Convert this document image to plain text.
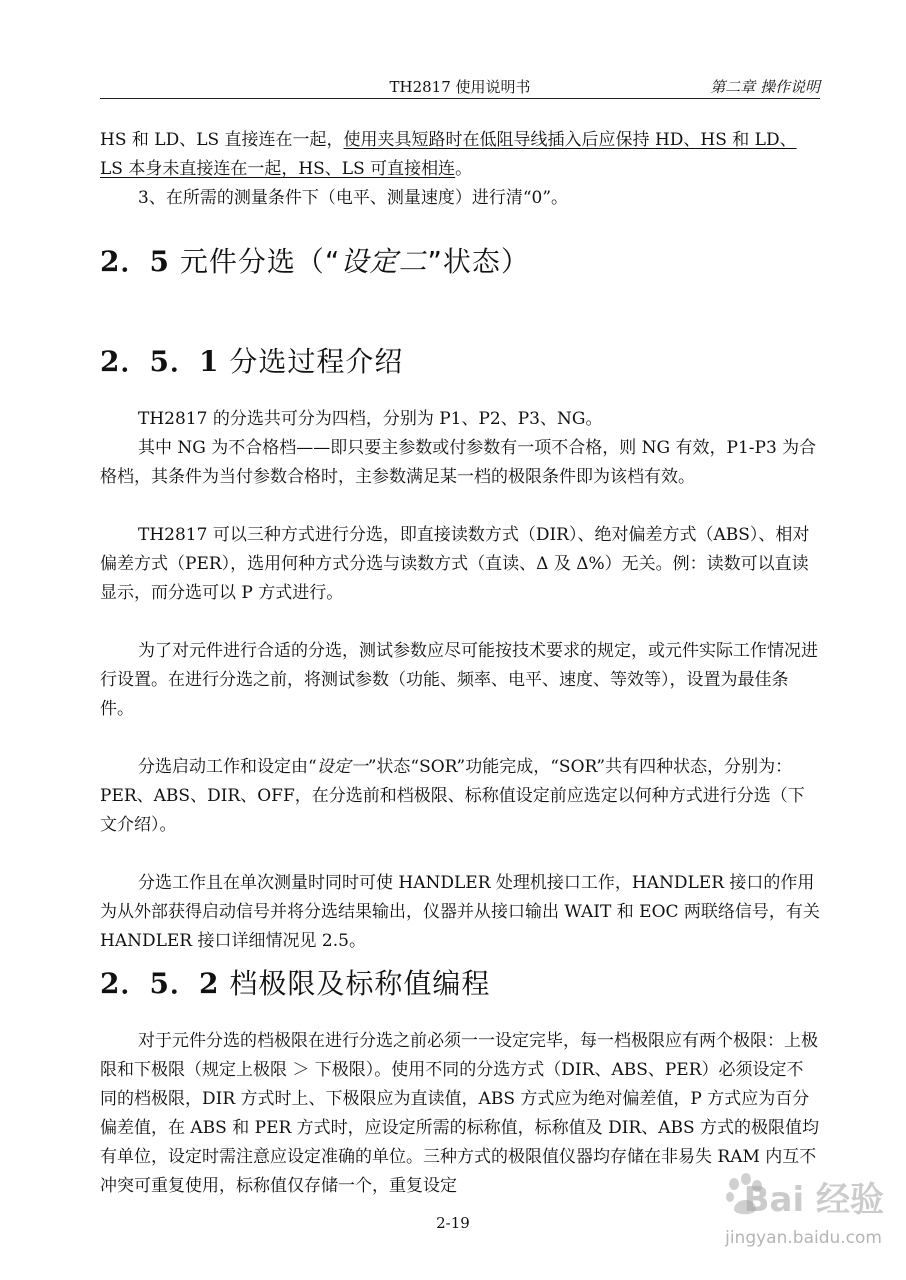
TH2817 使用说明书	第二章 操作说明

HS 和 LD、LS 直接连在一起，使用夹具短路时在低阻导线插入后应保持 HD、HS 和 LD、
LS 本身未直接连在一起，HS、LS 可直接相连。

3、在所需的测量条件下（电平、测量速度）进行清“0”。

2．5 元件分选（“设定二”状态）
2．5．1 分选过程介绍

TH2817 的分选共可分为四档，分别为 P1、P2、P3、NG。

其中 NG 为不合格档——即只要主参数或付参数有一项不合格，则 NG 有效，P1-P3 为合格档，其条件为当付参数合格时，主参数满足某一档的极限条件即为该档有效。

TH2817 可以三种方式进行分选，即直接读数方式（DIR）、绝对偏差方式（ABS）、相对偏差方式（PER），选用何种方式分选与读数方式（直读、Δ 及 Δ%）无关。例：读数可以直读显示，而分选可以 P 方式进行。

为了对元件进行合适的分选，测试参数应尽可能按技术要求的规定，或元件实际工作情况进行设置。在进行分选之前，将测试参数（功能、频率、电平、速度、等效等），设置为最佳条件。

分选启动工作和设定由“设定一”状态“SOR”功能完成，“SOR”共有四种状态，分别为： PER、ABS、DIR、OFF，在分选前和档极限、标称值设定前应选定以何种方式进行分选（下文介绍）。

分选工作且在单次测量时同时可使 HANDLER 处理机接口工作，HANDLER 接口的作用为从外部获得启动信号并将分选结果输出，仪器并从接口输出 WAIT 和 EOC 两联络信号，有关 HANDLER 接口详细情况见 2.5。

2．5．2 档极限及标称值编程

对于元件分选的档极限在进行分选之前必须一一设定完毕，每一档极限应有两个极限：上极限和下极限（规定上极限 ＞ 下极限）。使用不同的分选方式（DIR、ABS、PER）必须设定不同的档极限，DIR 方式时上、下极限应为直读值，ABS 方式应为绝对偏差值，P 方式应为百分偏差值，在 ABS 和 PER 方式时，应设定所需的标称值，标称值及 DIR、ABS 方式的极限值均有单位，设定时需注意应设定准确的单位。三种方式的极限值仪器均存储在非易失 RAM 内互不冲突可重复使用，标称值仅存储一个，重复设定

2-19
Bai 经验
jingyan.baidu.com
